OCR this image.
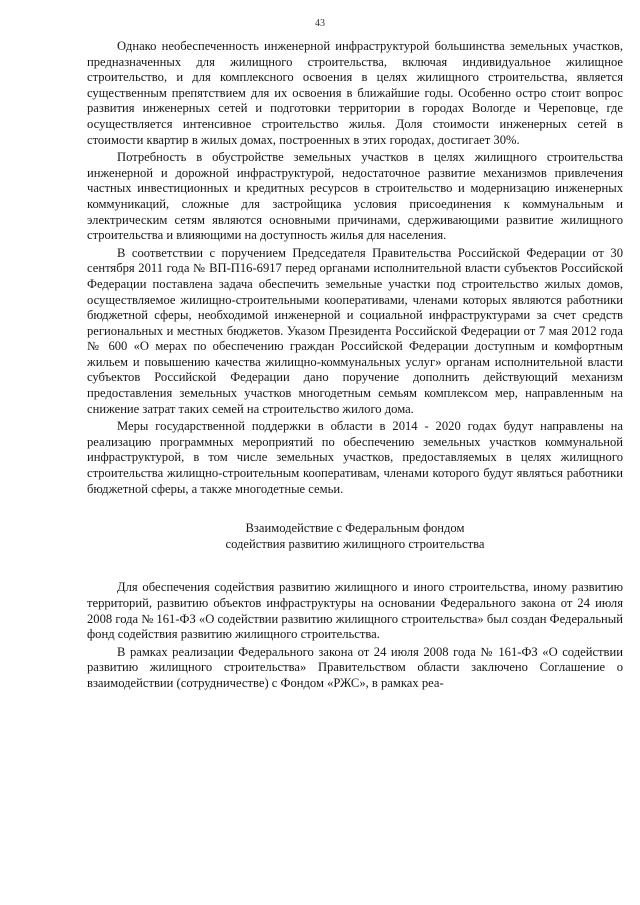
43

Однако необеспеченность инженерной инфраструктурой большинства земельных участков, предназначенных для жилищного строительства, включая индивидуальное жилищное строительство, и для комплексного освоения в целях жилищного строительства, является существенным препятствием для их освоения в ближайшие годы. Особенно остро стоит вопрос развития инженерных сетей и подготовки территории в городах Вологде и Череповце, где осуществляется интенсивное строительство жилья. Доля стоимости инженерных сетей в стоимости квартир в жилых домах, построенных в этих городах, достигает 30%.

Потребность в обустройстве земельных участков в целях жилищного строительства инженерной и дорожной инфраструктурой, недостаточное развитие механизмов привлечения частных инвестиционных и кредитных ресурсов в строительство и модернизацию инженерных коммуникаций, сложные для застройщика условия присоединения к коммунальным и электрическим сетям являются основными причинами, сдерживающими развитие жилищного строительства и влияющими на доступность жилья для населения.

В соответствии с поручением Председателя Правительства Российской Федерации от 30 сентября 2011 года № ВП-П16-6917 перед органами исполнительной власти субъектов Российской Федерации поставлена задача обеспечить земельные участки под строительство жилых домов, осуществляемое жилищно-строительными кооперативами, членами которых являются работники бюджетной сферы, необходимой инженерной и социальной инфраструктурами за счет средств региональных и местных бюджетов. Указом Президента Российской Федерации от 7 мая 2012 года № 600 «О мерах по обеспечению граждан Российской Федерации доступным и комфортным жильем и повышению качества жилищно-коммунальных услуг» органам исполнительной власти субъектов Российской Федерации дано поручение дополнить действующий механизм предоставления земельных участков многодетным семьям комплексом мер, направленным на снижение затрат таких семей на строительство жилого дома.

Меры государственной поддержки в области в 2014 - 2020 годах будут направлены на реализацию программных мероприятий по обеспечению земельных участков коммунальной инфраструктурой, в том числе земельных участков, предоставляемых в целях жилищного строительства жилищно-строительным кооперативам, членами которого будут являться работники бюджетной сферы, а также многодетные семьи.

Взаимодействие с Федеральным фондом
содействия развитию жилищного строительства

Для обеспечения содействия развитию жилищного и иного строительства, иному развитию территорий, развитию объектов инфраструктуры на основании Федерального закона от 24 июля 2008 года № 161-ФЗ «О содействии развитию жилищного строительства» был создан Федеральный фонд содействия развитию жилищного строительства.

В рамках реализации Федерального закона от 24 июля 2008 года № 161-ФЗ «О содействии развитию жилищного строительства» Правительством области заключено Соглашение о взаимодействии (сотрудничестве) с Фондом «РЖС», в рамках реа-
